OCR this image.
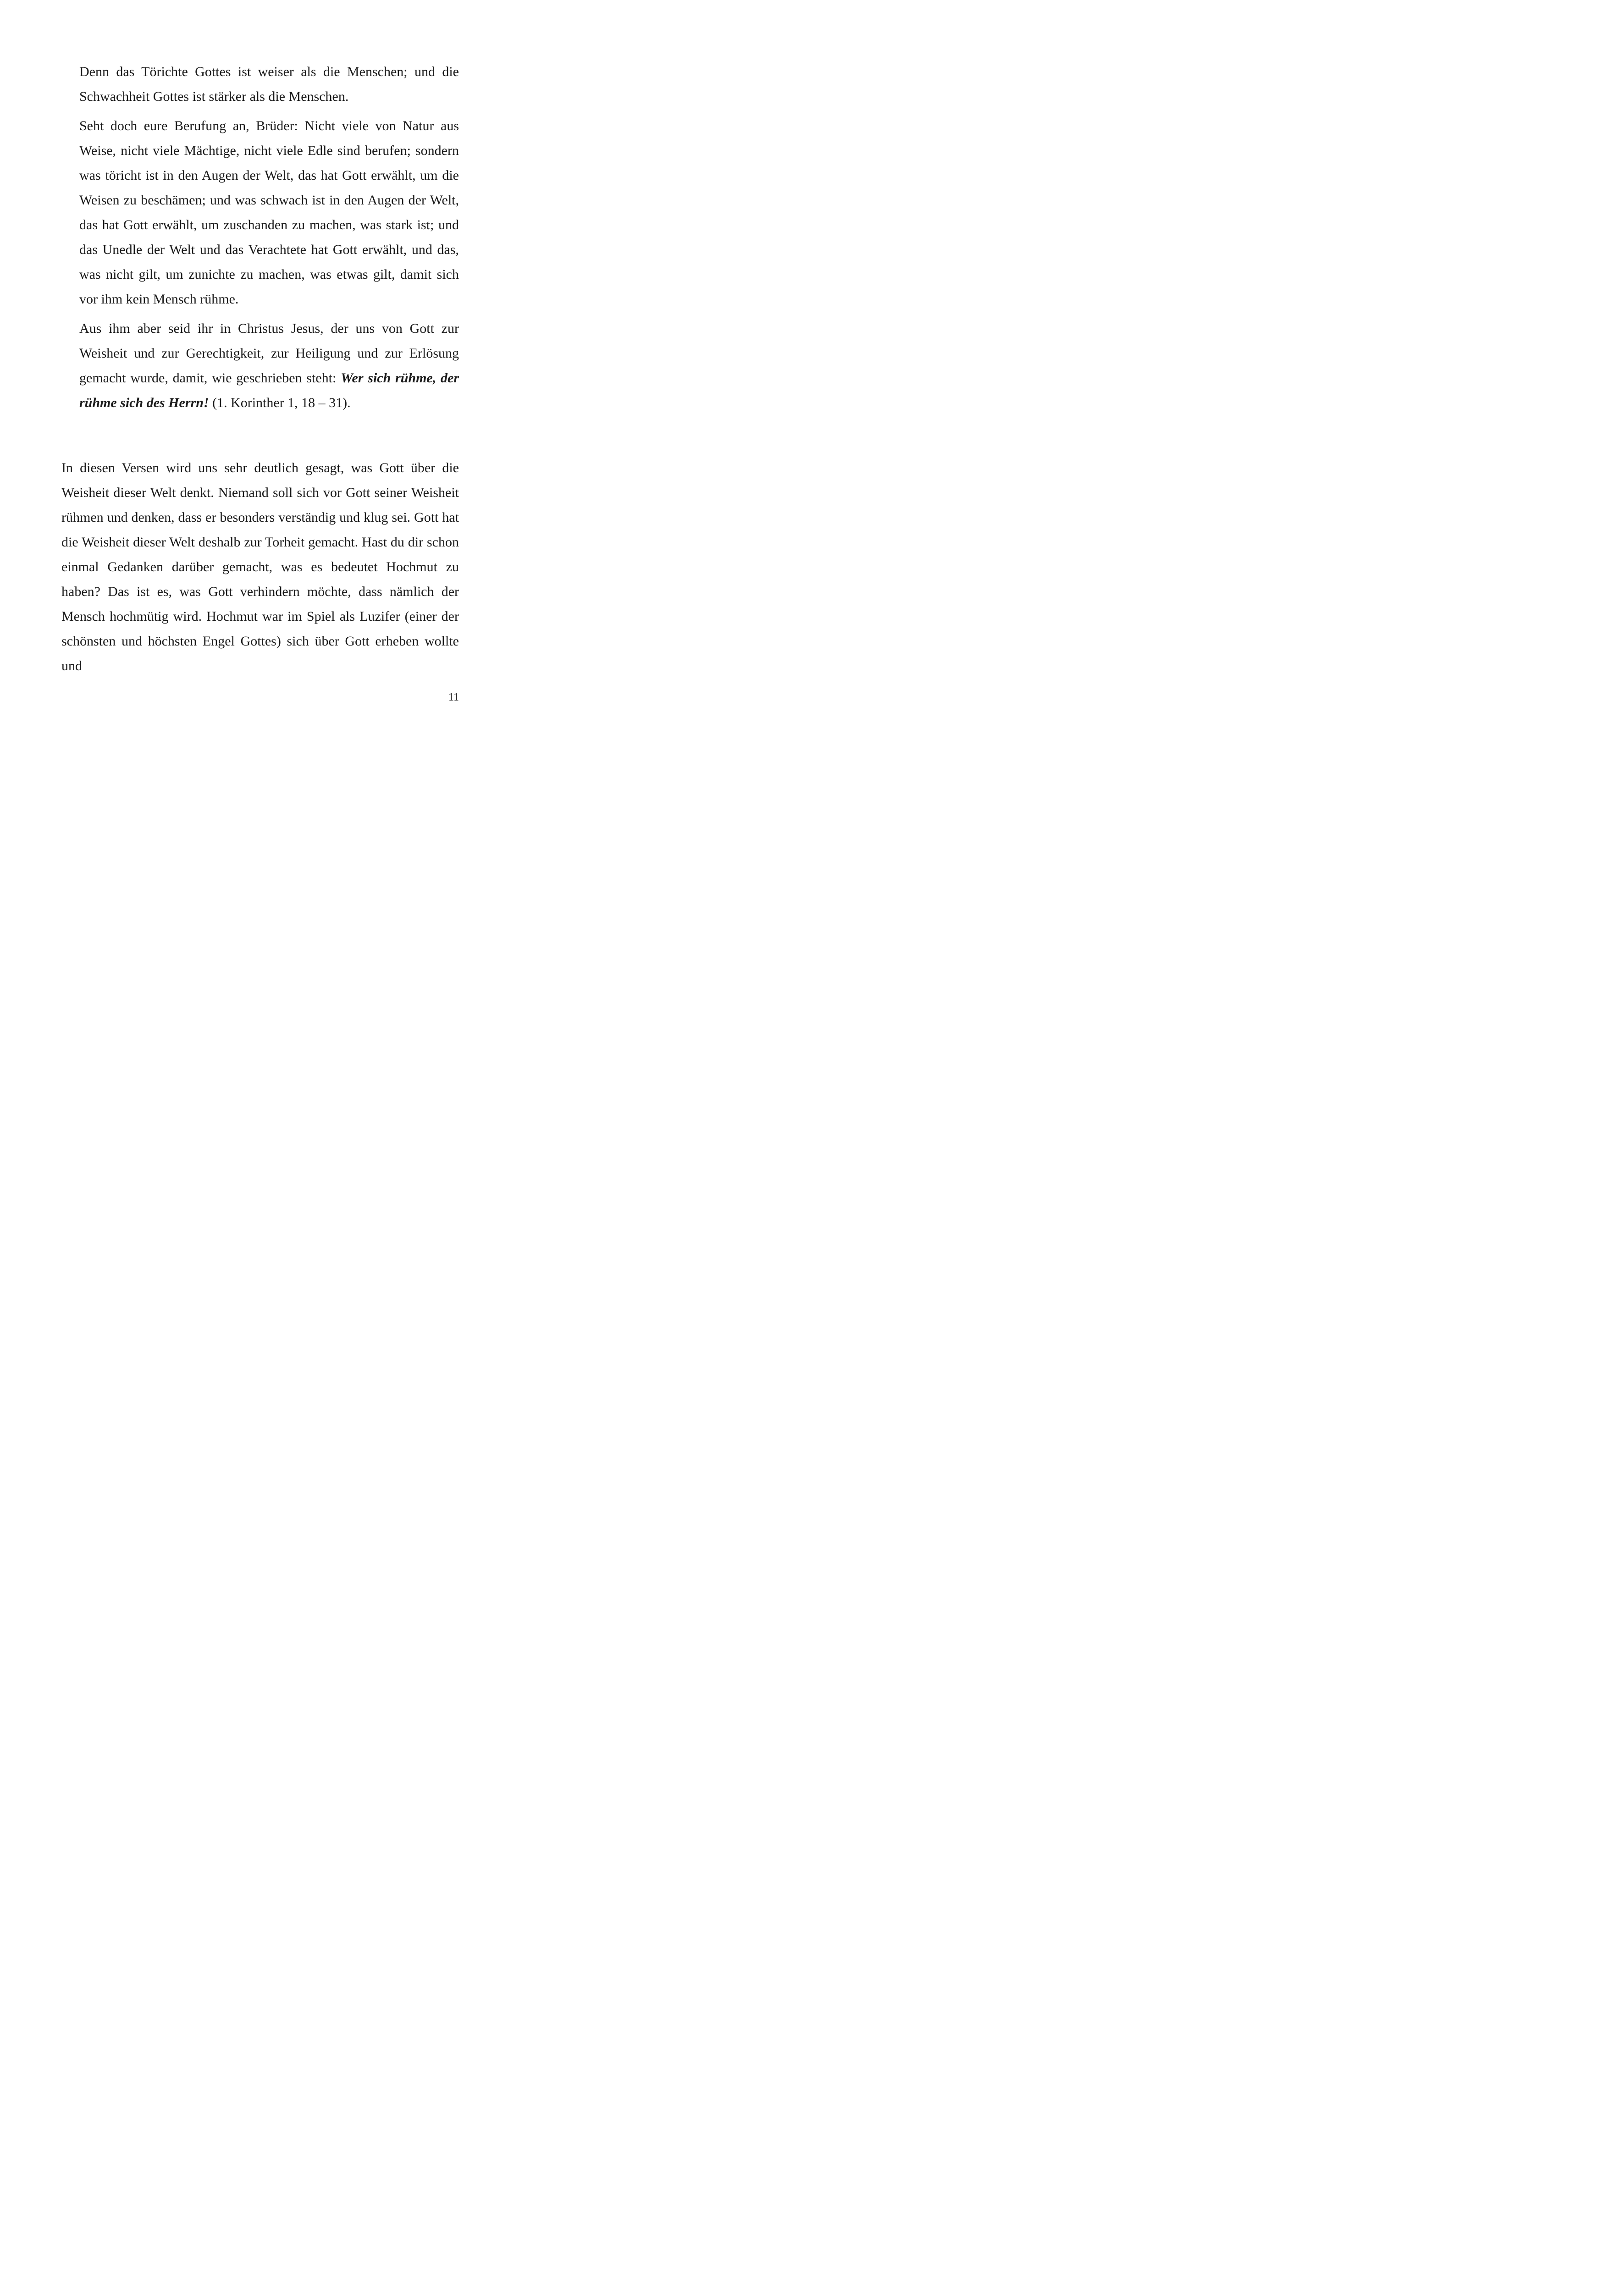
Denn das Törichte Gottes ist weiser als die Menschen; und die Schwachheit Gottes ist stärker als die Menschen.

Seht doch eure Berufung an, Brüder: Nicht viele von Natur aus Weise, nicht viele Mächtige, nicht viele Edle sind berufen; sondern was töricht ist in den Augen der Welt, das hat Gott erwählt, um die Weisen zu beschämen; und was schwach ist in den Augen der Welt, das hat Gott erwählt, um zuschanden zu machen, was stark ist; und das Unedle der Welt und das Verachtete hat Gott erwählt, und das, was nicht gilt, um zunichte zu machen, was etwas gilt, damit sich vor ihm kein Mensch rühme.

Aus ihm aber seid ihr in Christus Jesus, der uns von Gott zur Weisheit und zur Gerechtigkeit, zur Heiligung und zur Erlösung gemacht wurde, damit, wie geschrieben steht: Wer sich rühme, der rühme sich des Herrn! (1. Korinther 1, 18 – 31).

In diesen Versen wird uns sehr deutlich gesagt, was Gott über die Weisheit dieser Welt denkt. Niemand soll sich vor Gott seiner Weisheit rühmen und denken, dass er besonders verständig und klug sei. Gott hat die Weisheit dieser Welt deshalb zur Torheit gemacht. Hast du dir schon einmal Gedanken darüber gemacht, was es bedeutet Hochmut zu haben? Das ist es, was Gott verhindern möchte, dass nämlich der Mensch hochmütig wird. Hochmut war im Spiel als Luzifer (einer der schönsten und höchsten Engel Gottes) sich über Gott erheben wollte und

11
